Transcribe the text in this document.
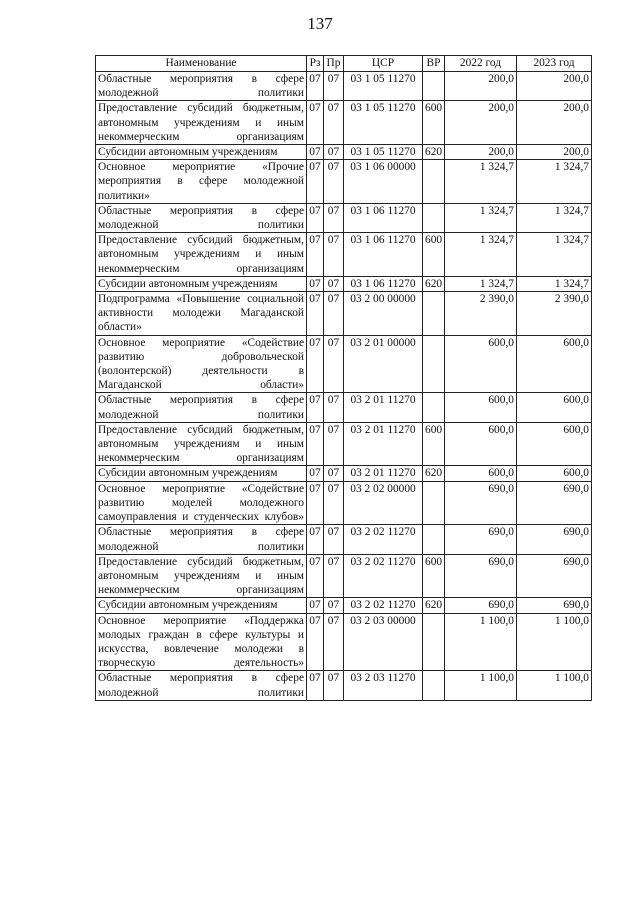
137
Наименование	Рз	Пр	ЦСР	ВР	2022 год	2023 год
Областные мероприятия в сфере молодежной политики	07	07	03 1 05 11270		200,0	200,0
Предоставление субсидий бюджетным, автономным учреждениям и иным некоммерческим организациям	07	07	03 1 05 11270	600	200,0	200,0
Субсидии автономным учреждениям	07	07	03 1 05 11270	620	200,0	200,0
Основное мероприятие «Прочие мероприятия в сфере молодежной политики»	07	07	03 1 06 00000		1 324,7	1 324,7
Областные мероприятия в сфере молодежной политики	07	07	03 1 06 11270		1 324,7	1 324,7
Предоставление субсидий бюджетным, автономным учреждениям и иным некоммерческим организациям	07	07	03 1 06 11270	600	1 324,7	1 324,7
Субсидии автономным учреждениям	07	07	03 1 06 11270	620	1 324,7	1 324,7
Подпрограмма «Повышение социальной активности молодежи Магаданской области»	07	07	03 2 00 00000		2 390,0	2 390,0
Основное мероприятие «Содействие развитию добровольческой (волонтерской) деятельности в Магаданской области»	07	07	03 2 01 00000		600,0	600,0
Областные мероприятия в сфере молодежной политики	07	07	03 2 01 11270		600,0	600,0
Предоставление субсидий бюджетным, автономным учреждениям и иным некоммерческим организациям	07	07	03 2 01 11270	600	600,0	600,0
Субсидии автономным учреждениям	07	07	03 2 01 11270	620	600,0	600,0
Основное мероприятие «Содействие развитию моделей молодежного самоуправления и студенческих клубов»	07	07	03 2 02 00000		690,0	690,0
Областные мероприятия в сфере молодежной политики	07	07	03 2 02 11270		690,0	690,0
Предоставление субсидий бюджетным, автономным учреждениям и иным некоммерческим организациям	07	07	03 2 02 11270	600	690,0	690,0
Субсидии автономным учреждениям	07	07	03 2 02 11270	620	690,0	690,0
Основное мероприятие «Поддержка молодых граждан в сфере культуры и искусства, вовлечение молодежи в творческую деятельность»	07	07	03 2 03 00000		1 100,0	1 100,0
Областные мероприятия в сфере молодежной политики	07	07	03 2 03 11270		1 100,0	1 100,0
